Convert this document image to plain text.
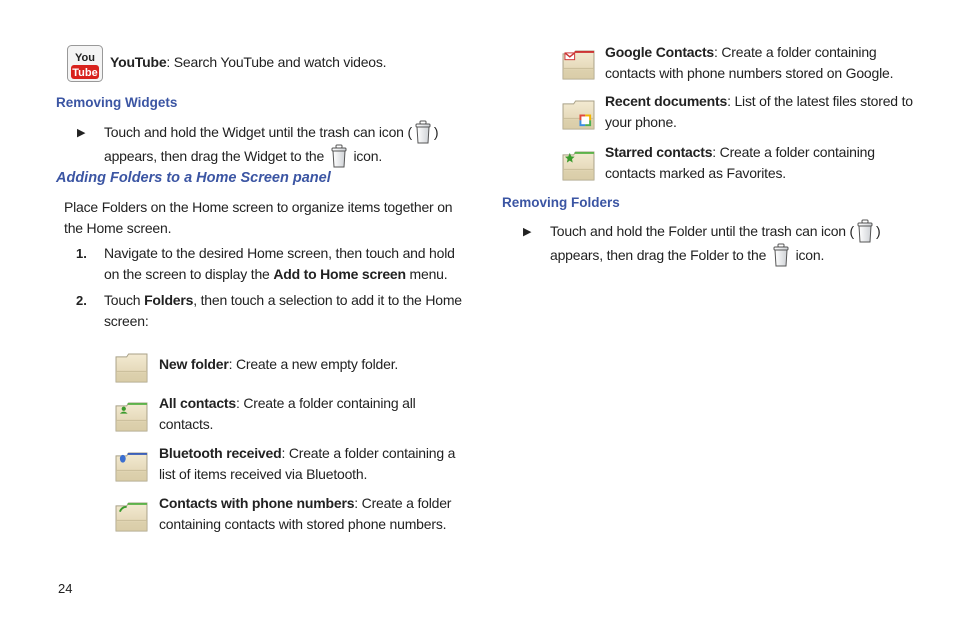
You
Tube
YouTube: Search YouTube and watch videos.
Removing Widgets
▶ Touch and hold the Widget until the trash can icon ( )
appears, then drag the Widget to the icon.
Adding Folders to a Home Screen panel
Place Folders on the Home screen to organize items together on
the Home screen.
1. Navigate to the desired Home screen, then touch and hold
on the screen to display the Add to Home screen menu.
2. Touch Folders, then touch a selection to add it to the Home
screen:
New folder: Create a new empty folder.
All contacts: Create a folder containing all
contacts.
Bluetooth received: Create a folder containing a
list of items received via Bluetooth.
Contacts with phone numbers: Create a folder
containing contacts with stored phone numbers.
Google Contacts: Create a folder containing
contacts with phone numbers stored on Google.
Recent documents: List of the latest files stored to
your phone.
Starred contacts: Create a folder containing
contacts marked as Favorites.
Removing Folders
▶ Touch and hold the Folder until the trash can icon ( )
appears, then drag the Folder to the icon.
24
